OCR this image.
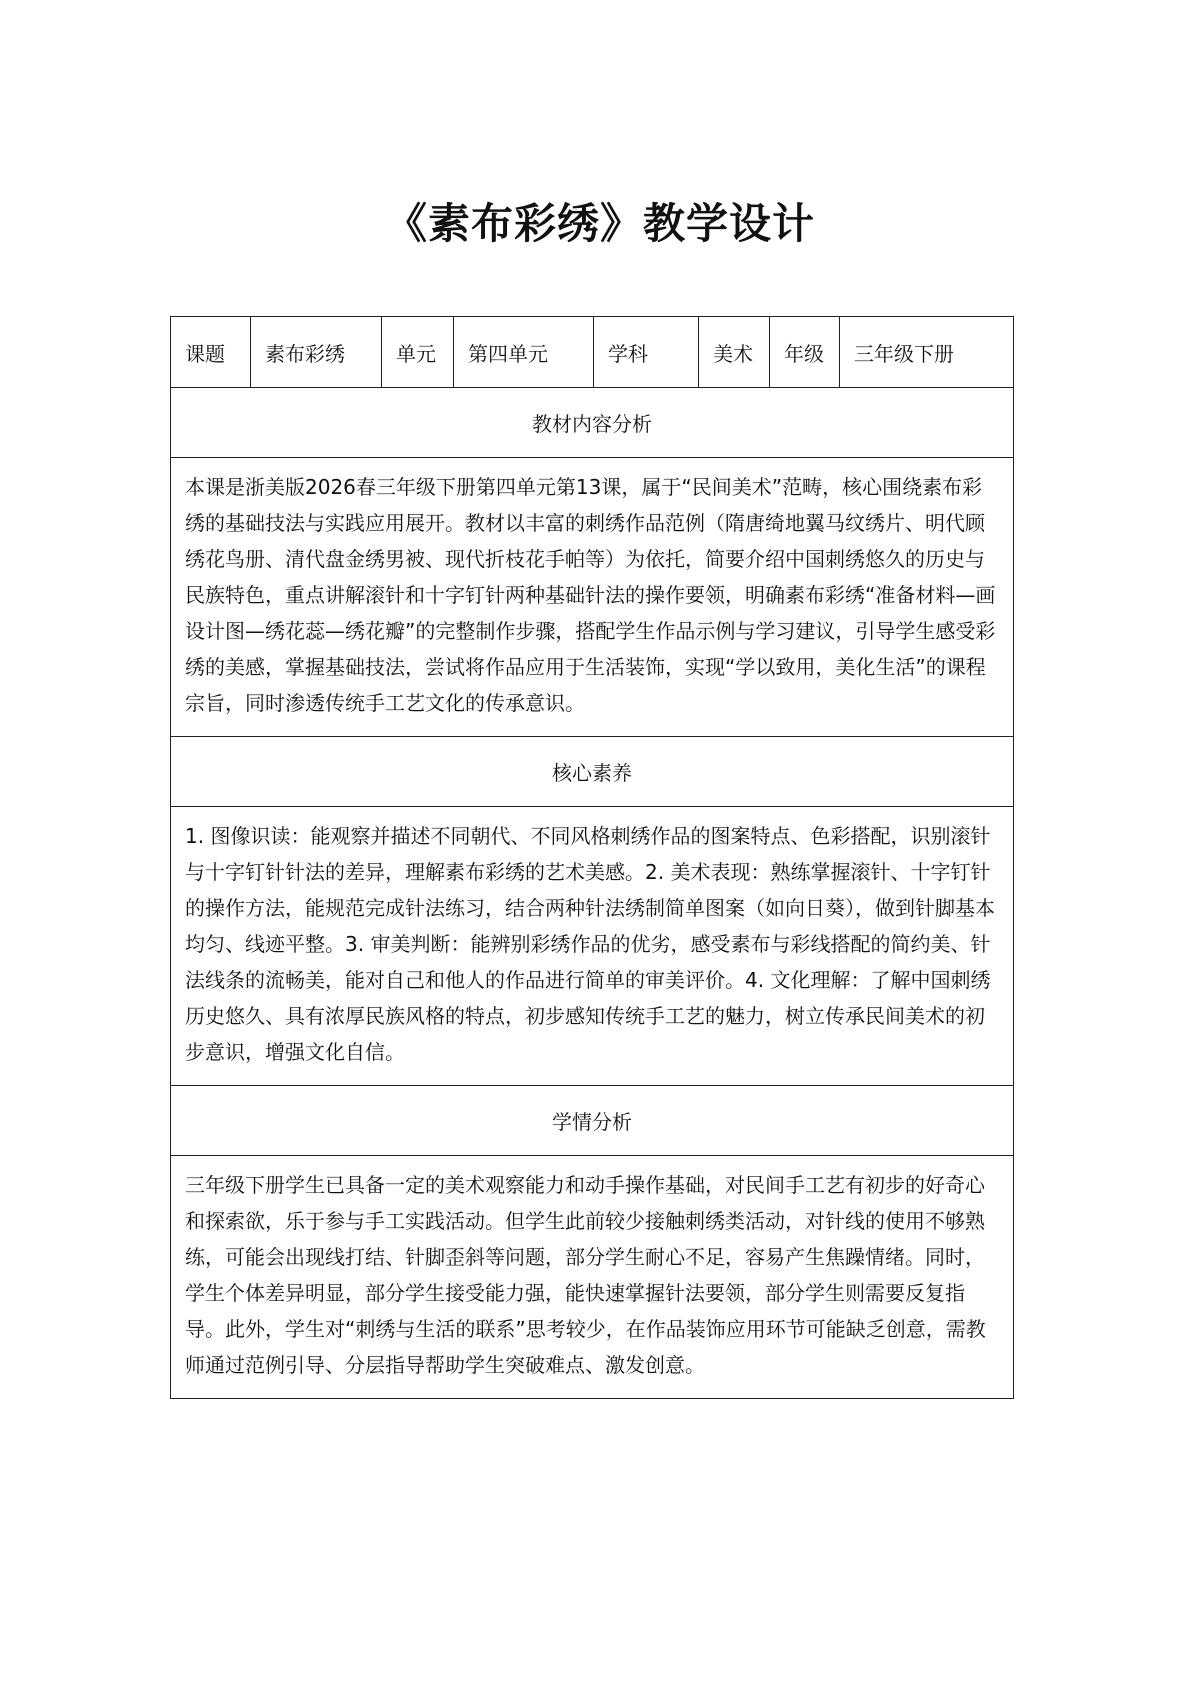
《素布彩绣》教学设计
课题	素布彩绣	单元	第四单元	学科	美术	年级	三年级下册
教材内容分析
本课是浙美版2026春三年级下册第四单元第13课，属于“民间美术”范畴，核心围绕素布彩绣的基础技法与实践应用展开。教材以丰富的刺绣作品范例（隋唐绮地翼马纹绣片、明代顾绣花鸟册、清代盘金绣男被、现代折枝花手帕等）为依托，简要介绍中国刺绣悠久的历史与民族特色，重点讲解滚针和十字钉针两种基础针法的操作要领，明确素布彩绣“准备材料—画设计图—绣花蕊—绣花瓣”的完整制作步骤，搭配学生作品示例与学习建议，引导学生感受彩绣的美感，掌握基础技法，尝试将作品应用于生活装饰，实现“学以致用，美化生活”的课程宗旨，同时渗透传统手工艺文化的传承意识。
核心素养
1. 图像识读：能观察并描述不同朝代、不同风格刺绣作品的图案特点、色彩搭配，识别滚针与十字钉针针法的差异，理解素布彩绣的艺术美感。2. 美术表现：熟练掌握滚针、十字钉针的操作方法，能规范完成针法练习，结合两种针法绣制简单图案（如向日葵），做到针脚基本均匀、线迹平整。3. 审美判断：能辨别彩绣作品的优劣，感受素布与彩线搭配的简约美、针法线条的流畅美，能对自己和他人的作品进行简单的审美评价。4. 文化理解：了解中国刺绣历史悠久、具有浓厚民族风格的特点，初步感知传统手工艺的魅力，树立传承民间美术的初步意识，增强文化自信。
学情分析
三年级下册学生已具备一定的美术观察能力和动手操作基础，对民间手工艺有初步的好奇心和探索欲，乐于参与手工实践活动。但学生此前较少接触刺绣类活动，对针线的使用不够熟练，可能会出现线打结、针脚歪斜等问题，部分学生耐心不足，容易产生焦躁情绪。同时，学生个体差异明显，部分学生接受能力强，能快速掌握针法要领，部分学生则需要反复指导。此外，学生对“刺绣与生活的联系”思考较少，在作品装饰应用环节可能缺乏创意，需教师通过范例引导、分层指导帮助学生突破难点、激发创意。
